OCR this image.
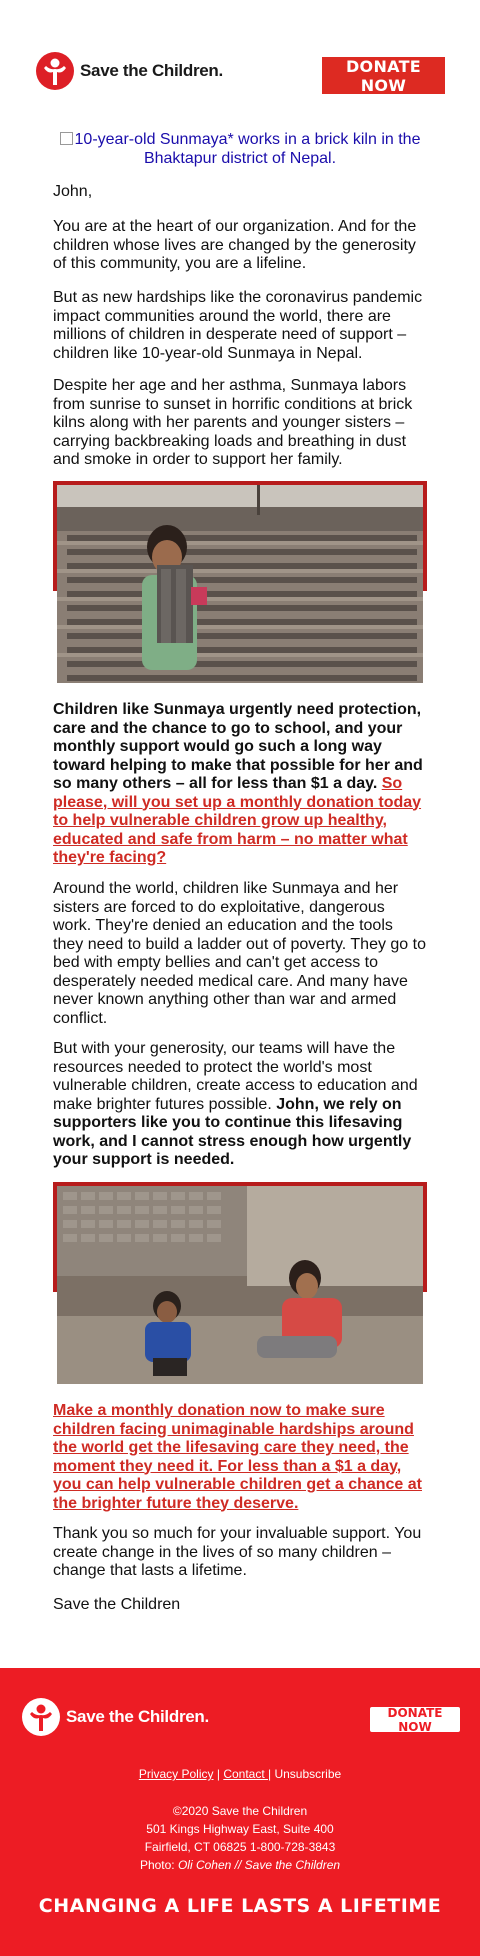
Save the Children.	DONATE NOW
10-year-old Sunmaya* works in a brick kiln in the Bhaktapur district of Nepal.

John,

You are at the heart of our organization. And for the children whose lives are changed by the generosity of this community, you are a lifeline.

But as new hardships like the coronavirus pandemic impact communities around the world, there are millions of children in desperate need of support – children like 10-year-old Sunmaya in Nepal.

Despite her age and her asthma, Sunmaya labors from sunrise to sunset in horrific conditions at brick kilns along with her parents and younger sisters – carrying backbreaking loads and breathing in dust and smoke in order to support her family.

Children like Sunmaya urgently need protection, care and the chance to go to school, and your monthly support would go such a long way toward helping to make that possible for her and so many others – all for less than $1 a day. So please, will you set up a monthly donation today to help vulnerable children grow up healthy, educated and safe from harm – no matter what they're facing?

Around the world, children like Sunmaya and her sisters are forced to do exploitative, dangerous work. They're denied an education and the tools they need to build a ladder out of poverty. They go to bed with empty bellies and can't get access to desperately needed medical care. And many have never known anything other than war and armed conflict.

But with your generosity, our teams will have the resources needed to protect the world's most vulnerable children, create access to education and make brighter futures possible. John, we rely on supporters like you to continue this lifesaving work, and I cannot stress enough how urgently your support is needed.

Make a monthly donation now to make sure children facing unimaginable hardships around the world get the lifesaving care they need, the moment they need it. For less than a $1 a day, you can help vulnerable children get a chance at the brighter future they deserve.

Thank you so much for your invaluable support. You create change in the lives of so many children – change that lasts a lifetime.

Save the Children

Save the Children.	DONATE NOW
Privacy Policy | Contact | Unsubscribe
©2020 Save the Children
501 Kings Highway East, Suite 400
Fairfield, CT 06825 1-800-728-3843
Photo: Oli Cohen // Save the Children
CHANGING A LIFE LASTS A LIFETIME
